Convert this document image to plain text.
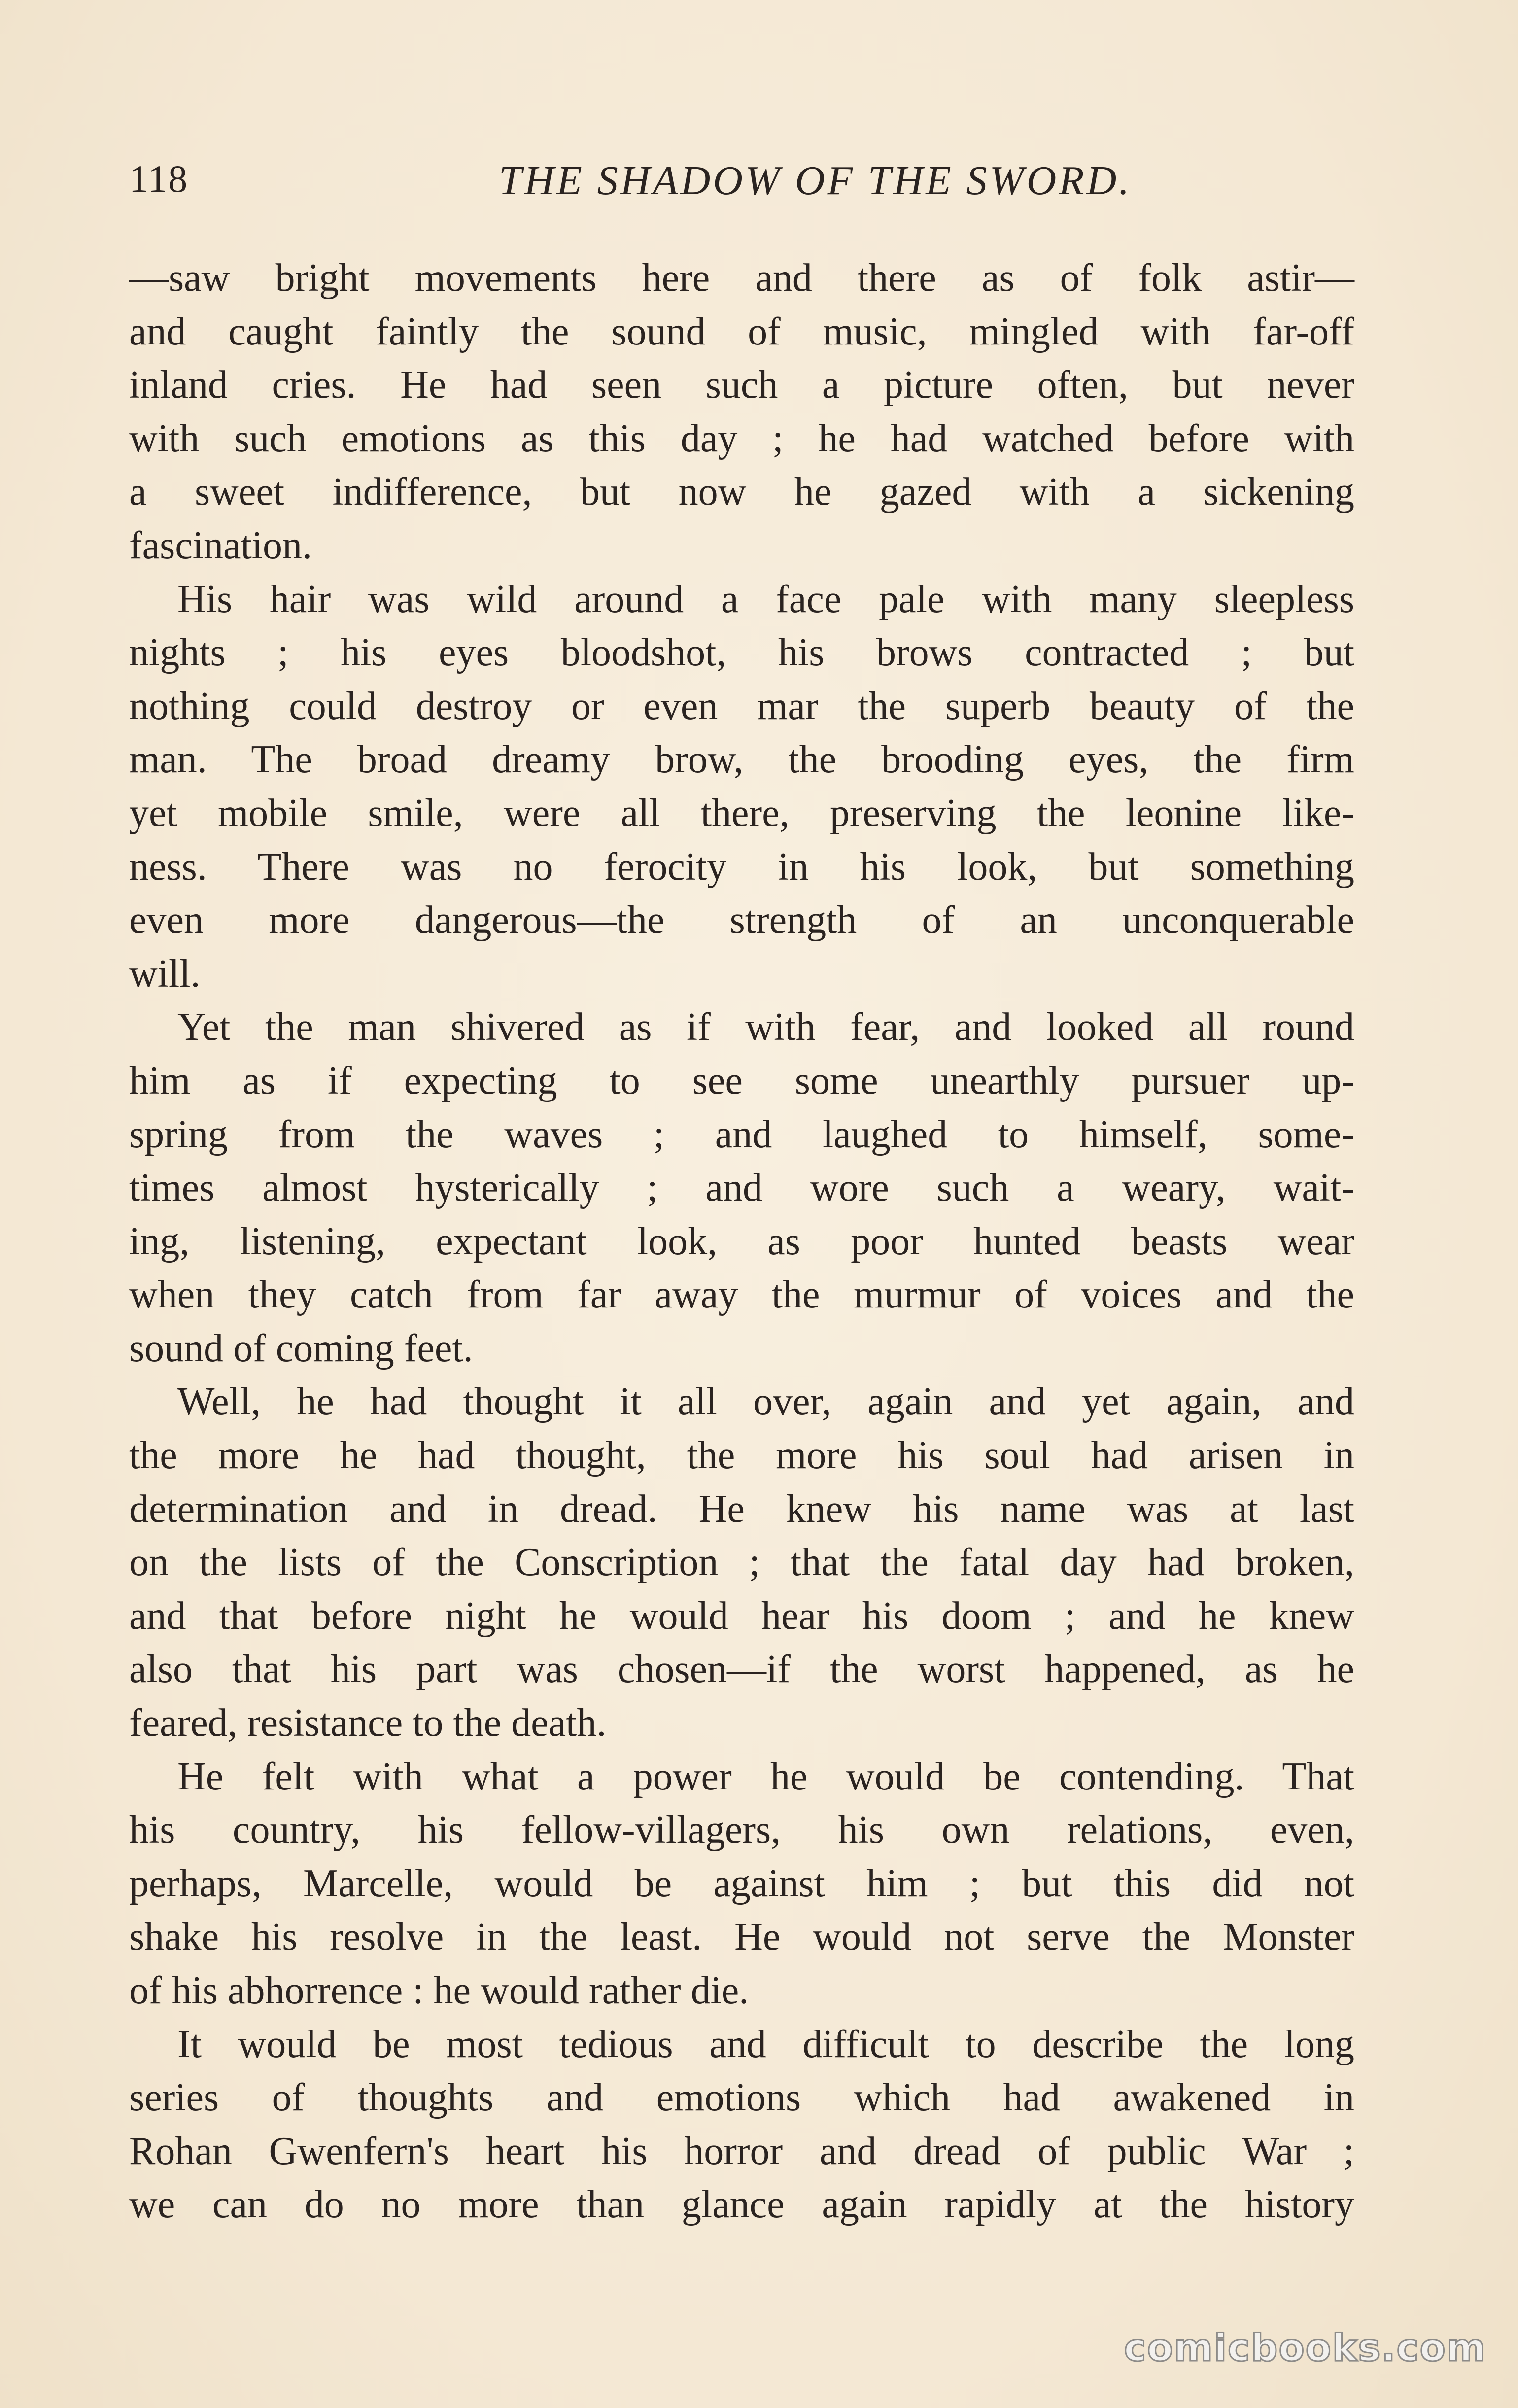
118	THE SHADOW OF THE SWORD.
—saw bright movements here and there as of folk astir—
and caught faintly the sound of music, mingled with far-off
inland cries. He had seen such a picture often, but never
with such emotions as this day ; he had watched before with
a sweet indifference, but now he gazed with a sickening
fascination.
His hair was wild around a face pale with many sleepless
nights ; his eyes bloodshot, his brows contracted ; but
nothing could destroy or even mar the superb beauty of the
man. The broad dreamy brow, the brooding eyes, the firm
yet mobile smile, were all there, preserving the leonine like-
ness. There was no ferocity in his look, but something
even more dangerous—the strength of an unconquerable
will.
Yet the man shivered as if with fear, and looked all round
him as if expecting to see some unearthly pursuer up-
spring from the waves ; and laughed to himself, some-
times almost hysterically ; and wore such a weary, wait-
ing, listening, expectant look, as poor hunted beasts wear
when they catch from far away the murmur of voices and the
sound of coming feet.
Well, he had thought it all over, again and yet again, and
the more he had thought, the more his soul had arisen in
determination and in dread. He knew his name was at last
on the lists of the Conscription ; that the fatal day had broken,
and that before night he would hear his doom ; and he knew
also that his part was chosen—if the worst happened, as he
feared, resistance to the death.
He felt with what a power he would be contending. That
his country, his fellow-villagers, his own relations, even,
perhaps, Marcelle, would be against him ; but this did not
shake his resolve in the least. He would not serve the Monster
of his abhorrence : he would rather die.
It would be most tedious and difficult to describe the long
series of thoughts and emotions which had awakened in
Rohan Gwenfern's heart his horror and dread of public War ;
we can do no more than glance again rapidly at the history
comicbooks.com
